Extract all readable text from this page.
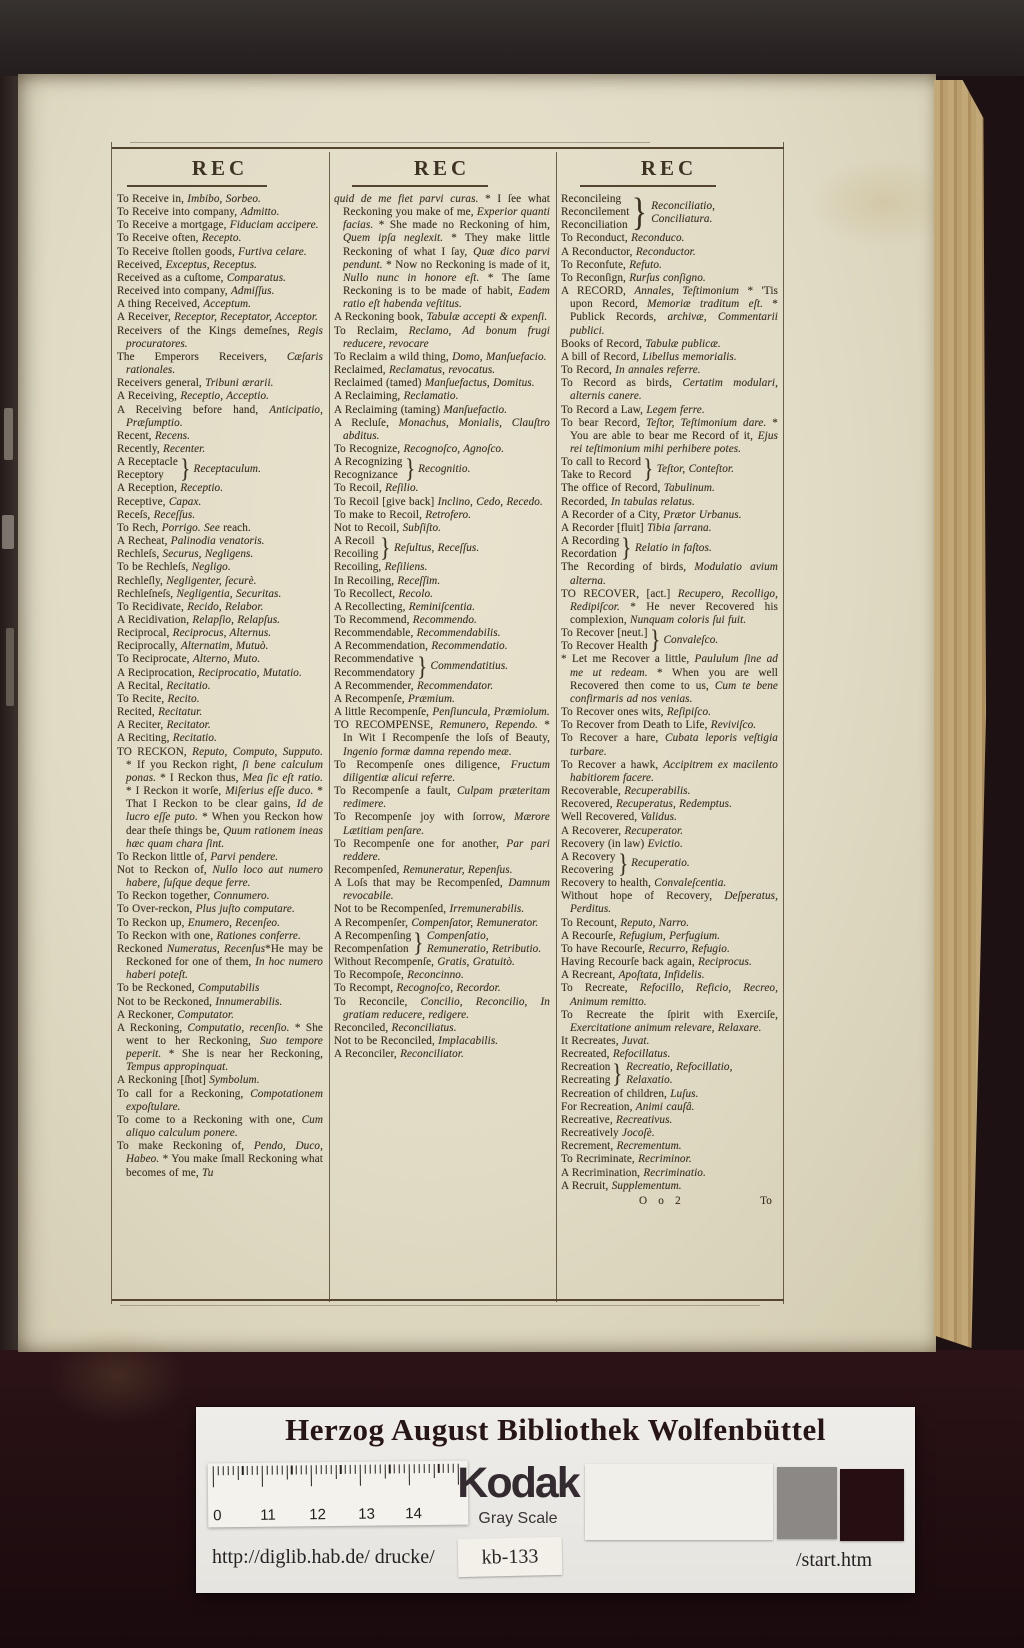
REC	REC	REC

To Receive in, Imbibo, Sorbeo.

To Receive into company, Admitto.

To Receive a mortgage, Fiduciam accipere.

To Receive often, Recepto.

To Receive ſtollen goods, Furtiva celare.

Received, Exceptus, Receptus.

Received as a cuſtome, Comparatus.

Received into company, Admiſſus.

A thing Received, Acceptum.

A Receiver, Receptor, Receptator, Acceptor.

Receivers of the Kings demeſnes, Regis procuratores.

The Emperors Receivers, Cæſaris rationales.

Receivers general, Tribuni ærarii.

A Receiving, Receptio, Acceptio.

A Receiving before hand, Anticipatio, Præſumptio.

Recent, Recens.

Recently, Recenter.

A Receptacle
Receptory } Receptaculum.

A Reception, Receptio.

Receptive, Capax.

Receſs, Receſſus.

To Rech, Porrigo. See reach.

A Recheat, Palinodia venatoris.

Rechleſs, Securus, Negligens.

To be Rechleſs, Negligo.

Rechleſly, Negligenter, ſecurè.

Rechleſneſs, Negligentia, Securitas.

To Recidivate, Recido, Relabor.

A Recidivation, Relapſio, Relapſus.

Reciprocal, Reciprocus, Alternus.

Reciprocally, Alternatim, Mutuò.

To Reciprocate, Alterno, Muto.

A Reciprocation, Reciprocatio, Mutatio.

A Recital, Recitatio.

To Recite, Recito.

Recited, Recitatur.

A Reciter, Recitator.

A Reciting, Recitatio.

TO RECKON, Reputo, Computo, Supputo. * If you Reckon right, ſi bene calculum ponas. * I Reckon thus, Mea ſic eſt ratio. * I Reckon it worſe, Miſerius eſſe duco. * That I Reckon to be clear gains, Id de lucro eſſe puto. * When you Reckon how dear theſe things be, Quum rationem ineas hæc quam chara ſint.

To Reckon little of, Parvi pendere.

Not to Reckon of, Nullo loco aut numero habere, ſuſque deque ferre.

To Reckon together, Connumero.

To Over-reckon, Plus juſto computare.

To Reckon up, Enumero, Recenſeo.

To Reckon with one, Rationes conferre.

Reckoned Numeratus, Recenſus*He may be Reckoned for one of them, In hoc numero haberi poteſt.

To be Reckoned, Computabilis

Not to be Reckoned, Innumerabilis.

A Reckoner, Computator.

A Reckoning, Computatio, recenſio. * She went to her Reckoning, Suo tempore peperit. * She is near her Reckoning, Tempus appropinquat.

A Reckoning [ſhot] Symbolum.

To call for a Reckoning, Compotationem expoſtulare.

To come to a Reckoning with one, Cum aliquo calculum ponere.

To make Reckoning of, Pendo, Duco, Habeo. * You make ſmall Reckoning what becomes of me, Tu

quid de me fiet parvi curas. * I ſee what Reckoning you make of me, Experior quanti facias. * She made no Reckoning of him, Quem ipſa neglexit. * They make little Reckoning of what I ſay, Quæ dico parvi pendunt. * Now no Reckoning is made of it, Nullo nunc in honore eſt. * The ſame Reckoning is to be made of habit, Eadem ratio eſt habenda veſtitus.

A Reckoning book, Tabulæ accepti & expenſi.

To Reclaim, Reclamo, Ad bonum frugi reducere, revocare

To Reclaim a wild thing, Domo, Manſuefacio.

Reclaimed, Reclamatus, revocatus.

Reclaimed (tamed) Manſuefactus, Domitus.

A Reclaiming, Reclamatio.

A Reclaiming (taming) Manſuefactio.

A Recluſe, Monachus, Monialis, Clauſtro abditus.

To Recognize, Recognoſco, Agnoſco.

A Recognizing
Recognizance } Recognitio.

To Recoil, Reſilio.

To Recoil [give back] Inclino, Cedo, Recedo.

To make to Recoil, Retrofero.

Not to Recoil, Subſiſto.

A Recoil
Recoiling } Reſultus, Receſſus.

Recoiling, Reſiliens.

In Recoiling, Receſſim.

To Recollect, Recolo.

A Recollecting, Reminiſcentia.

To Recommend, Recommendo.

Recommendable, Recommendabilis.

A Recommendation, Recommendatio.

Recommendative
Recommendatory } Commendatitius.

A Recommender, Recommendator.

A Recompenſe, Præmium.

A little Recompenſe, Penſiuncula, Præmiolum.

TO RECOMPENSE, Remunero, Rependo. * In Wit I Recompenſe the loſs of Beauty, Ingenio formæ damna rependo meæ.

To Recompenſe ones diligence, Fructum diligentiæ alicui referre.

To Recompenſe a fault, Culpam præteritam redimere.

To Recompenſe joy with ſorrow, Mærore Lætitiam penſare.

To Recompenſe one for another, Par pari reddere.

Recompenſed, Remuneratur, Repenſus.

A Loſs that may be Recompenſed, Damnum revocabile.

Not to be Recompenſed, Irremunerabilis.

A Recompenſer, Compenſator, Remunerator.

A Recompenſing
Recompenſation } Compenſatio, Remuneratio, Retributio.

Without Recompenſe, Gratis, Gratuitò.

To Recompoſe, Reconcinno.

To Recompt, Recognoſco, Recordor.

To Reconcile, Concilio, Reconcilio, In gratiam reducere, redigere.

Reconciled, Reconciliatus.

Not to be Reconciled, Implacabilis.

A Reconciler, Reconciliator.

Reconcileing
Reconcilement
Reconciliation } Reconciliatio, Conciliatura.

To Reconduct, Reconduco.

A Reconductor, Reconductor.

To Reconfute, Refuto.

To Reconſign, Rurſus conſigno.

A RECORD, Annales, Teſtimonium * 'Tis upon Record, Memoriæ traditum eſt. * Publick Records, archivæ, Commentarii publici.

Books of Record, Tabulæ publicæ.

A bill of Record, Libellus memorialis.

To Record, In annales referre.

To Record as birds, Certatim modulari, alternis canere.

To Record a Law, Legem ferre.

To bear Record, Teſtor, Teſtimonium dare. * You are able to bear me Record of it, Ejus rei teſtimonium mihi perhibere potes.

To call to Record
Take to Record } Teſtor, Conteſtor.

The office of Record, Tabulinum.

Recorded, In tabulas relatus.

A Recorder of a City, Prætor Urbanus.

A Recorder [fluit] Tibia ſarrana.

A Recording
Recordation } Relatio in faſtos.

The Recording of birds, Modulatio avium alterna.

TO RECOVER, [act.] Recupero, Recolligo, Redipiſcor. * He never Recovered his complexion, Nunquam coloris ſui fuit.

To Recover [neut.]
To Recover Health } Convaleſco.

* Let me Recover a little, Paululum ſine ad me ut redeam. * When you are well Recovered then come to us, Cum te bene confirmaris ad nos venias.

To Recover ones wits, Reſipiſco.

To Recover from Death to Life, Reviviſco.

To Recover a hare, Cubata leporis veſtigia turbare.

To Recover a hawk, Accipitrem ex macilento habitiorem facere.

Recoverable, Recuperabilis.

Recovered, Recuperatus, Redemptus.

Well Recovered, Validus.

A Recoverer, Recuperator.

Recovery (in law) Evictio.

A Recovery
Recovering } Recuperatio.

Recovery to health, Convaleſcentia.

Without hope of Recovery, Deſperatus, Perditus.

To Recount, Reputo, Narro.

A Recourſe, Refugium, Perfugium.

To have Recourſe, Recurro, Refugio.

Having Recourſe back again, Reciprocus.

A Recreant, Apoſtata, Infidelis.

To Recreate, Refocillo, Reficio, Recreo, Animum remitto.

To Recreate the ſpirit with Exerciſe, Exercitatione animum relevare, Relaxare.

It Recreates, Juvat.

Recreated, Refocillatus.

Recreation
Recreating } Recreatio, Refocillatio, Relaxatio.

Recreation of children, Luſus.

For Recreation, Animi cauſâ.

Recreative, Recreativus.

Recreatively Jocoſè.

Recrement, Recrementum.

To Recriminate, Recriminor.

A Recrimination, Recriminatio.

A Recruit, Supplementum.

O o 2	To
Herzog August Bibliothek Wolfenbüttel
0	11 12 13 14
Kodak
Gray Scale
kb-133
http://diglib.hab.de/ drucke/	/start.htm
